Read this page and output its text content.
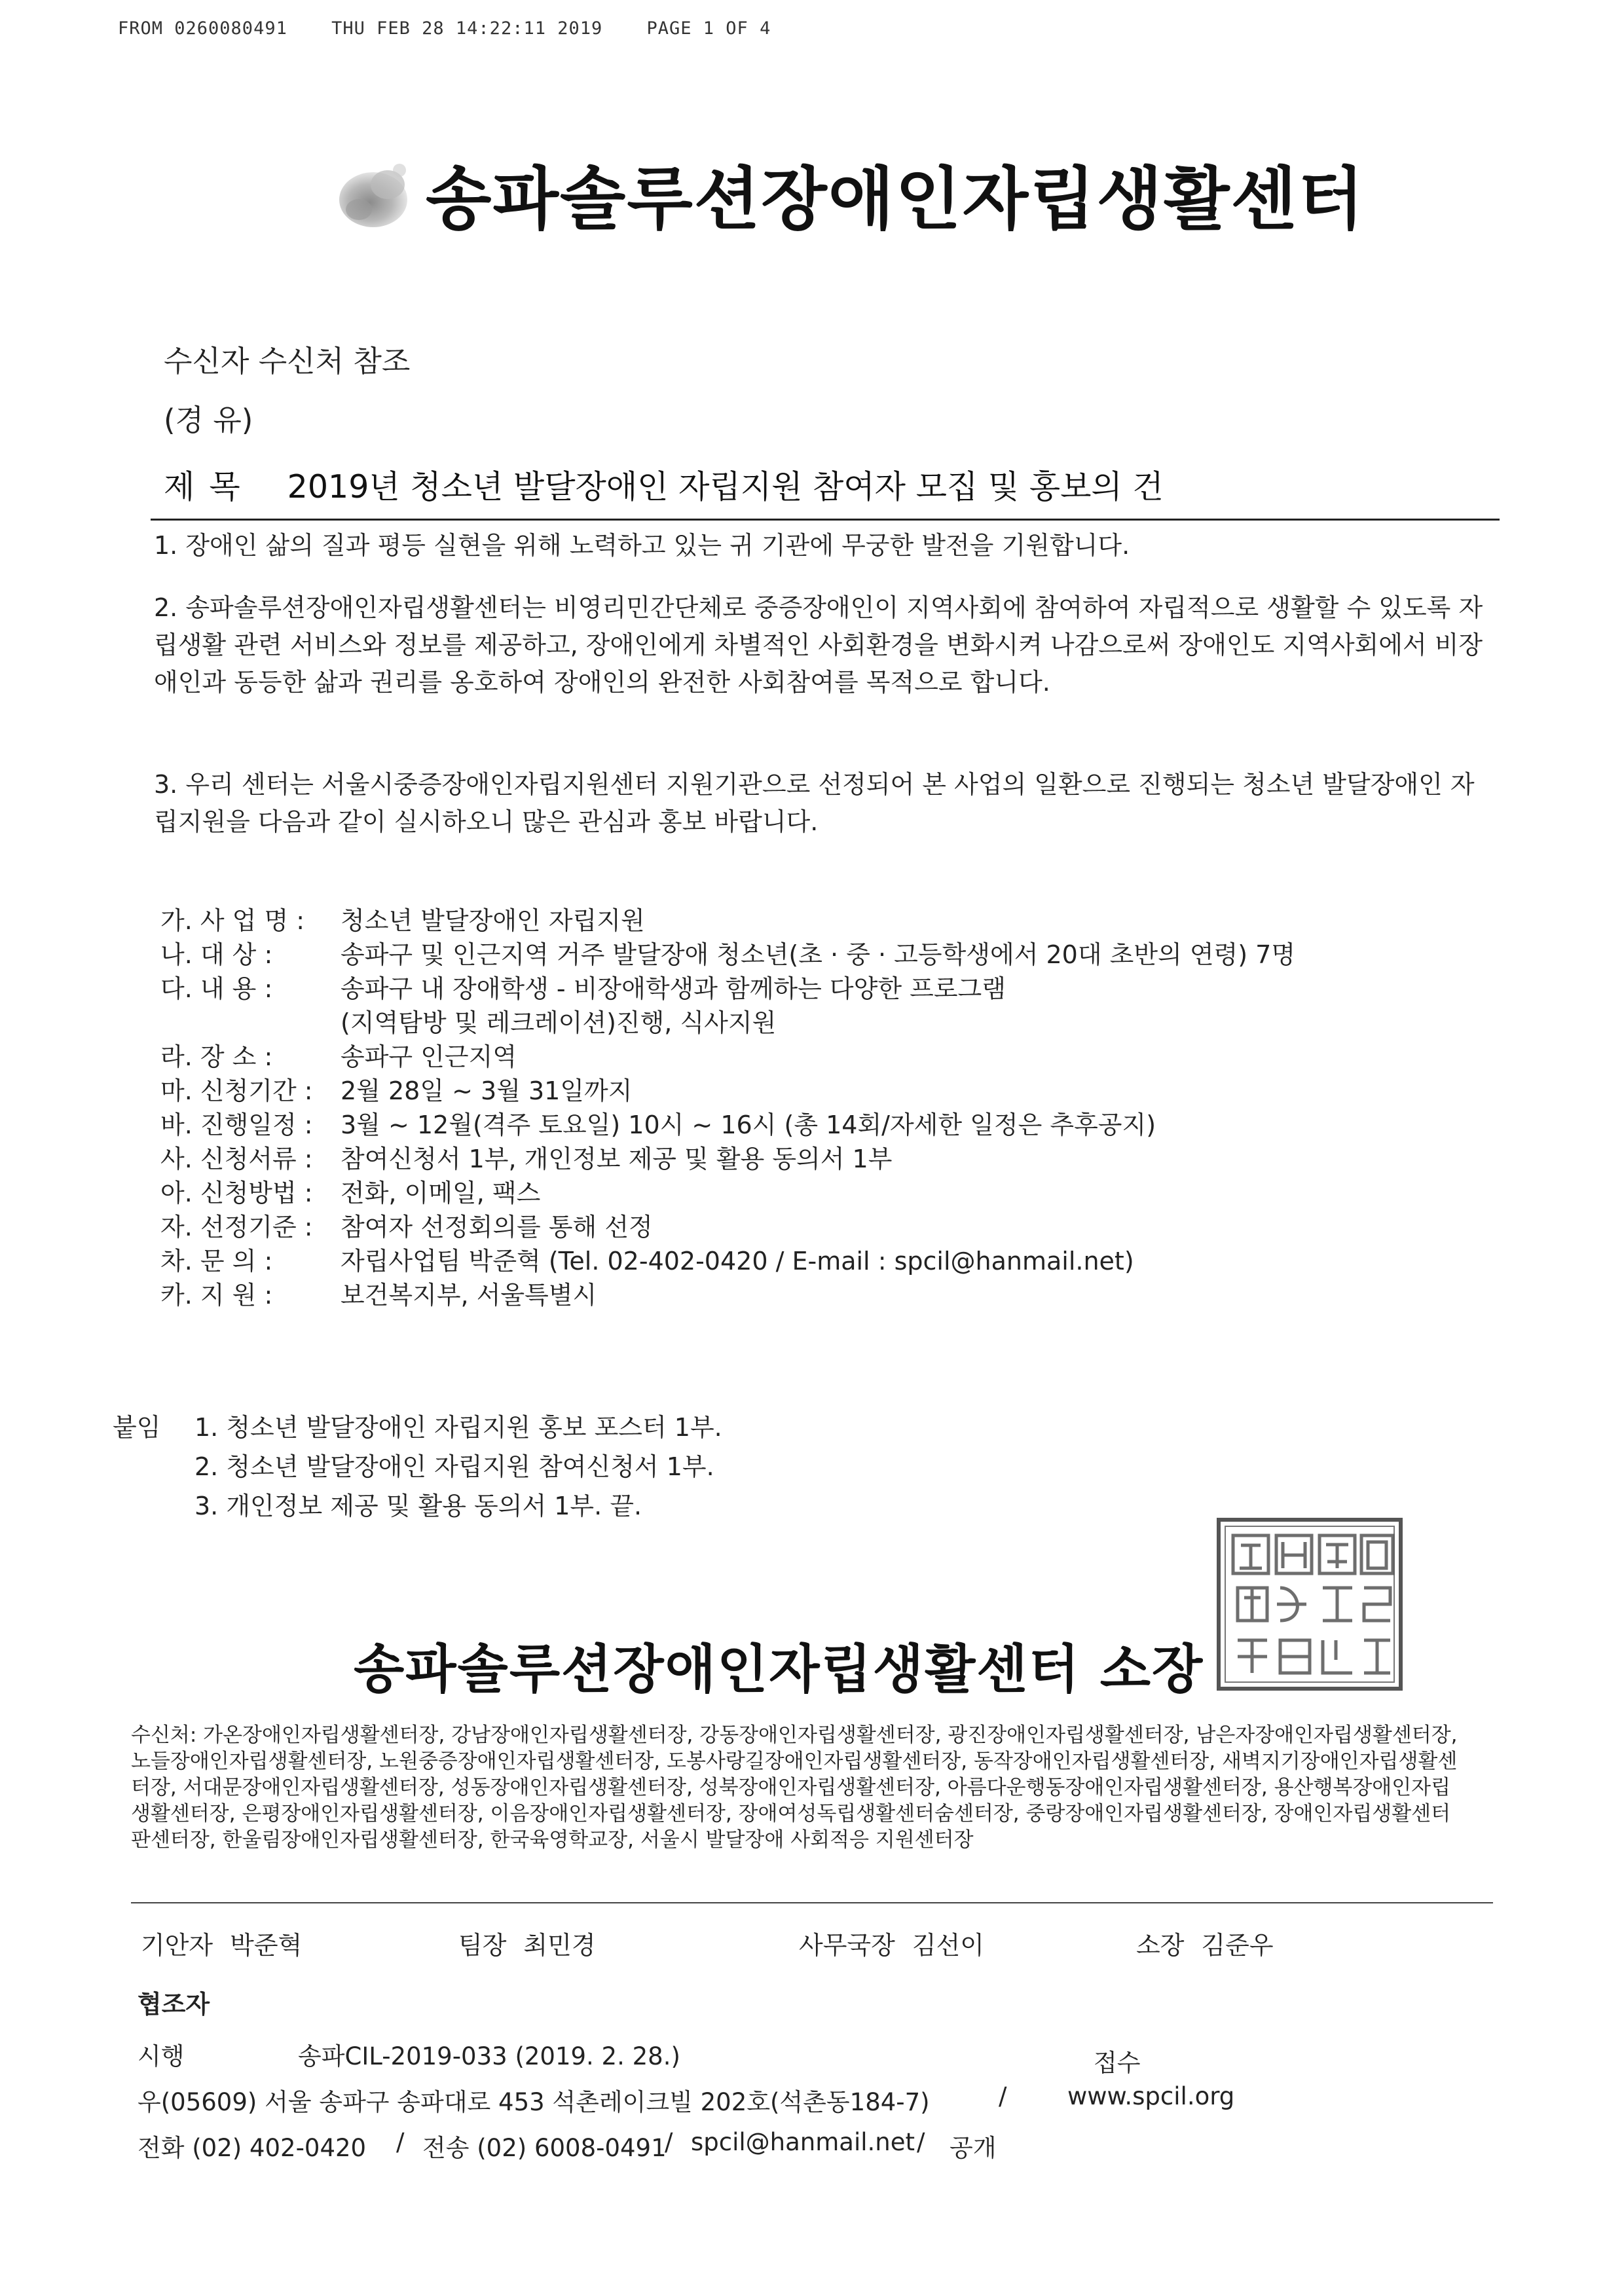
FROM 0260080491 THU FEB 28 14:22:11 2019 PAGE 1 OF 4
송파솔루션장애인자립생활센터
수신자 수신처 참조
(경 유)
제목 2019년 청소년 발달장애인 자립지원 참여자 모집 및 홍보의 건
1. 장애인 삶의 질과 평등 실현을 위해 노력하고 있는 귀 기관에 무궁한 발전을 기원합니다.
2. 송파솔루션장애인자립생활센터는 비영리민간단체로 중증장애인이 지역사회에 참여하여 자립적으로 생활할 수 있도록 자립생활 관련 서비스와 정보를 제공하고, 장애인에게 차별적인 사회환경을 변화시켜 나감으로써 장애인도 지역사회에서 비장애인과 동등한 삶과 권리를 옹호하여 장애인의 완전한 사회참여를 목적으로 합니다.
3. 우리 센터는 서울시중증장애인자립지원센터 지원기관으로 선정되어 본 사업의 일환으로 진행되는 청소년 발달장애인 자립지원을 다음과 같이 실시하오니 많은 관심과 홍보 바랍니다.
가. 사 업 명 :	청소년 발달장애인 자립지원
나. 대 상 :	송파구 및 인근지역 거주 발달장애 청소년(초 · 중 · 고등학생에서 20대 초반의 연령) 7명
다. 내 용 :	송파구 내 장애학생 - 비장애학생과 함께하는 다양한 프로그램
(지역탐방 및 레크레이션)진행, 식사지원
라. 장 소 :	송파구 인근지역
마. 신청기간 :	2월 28일 ~ 3월 31일까지
바. 진행일정 :	3월 ~ 12월(격주 토요일) 10시 ~ 16시 (총 14회/자세한 일정은 추후공지)
사. 신청서류 :	참여신청서 1부, 개인정보 제공 및 활용 동의서 1부
아. 신청방법 :	전화, 이메일, 팩스
자. 선정기준 :	참여자 선정회의를 통해 선정
차. 문 의 :	자립사업팀 박준혁 (Tel. 02-402-0420 / E-mail : spcil@hanmail.net)
카. 지 원 :	보건복지부, 서울특별시
붙임 1. 청소년 발달장애인 자립지원 홍보 포스터 1부.
2. 청소년 발달장애인 자립지원 참여신청서 1부.
3. 개인정보 제공 및 활용 동의서 1부. 끝.
송파솔루션장애인자립생활센터 소장
수신처: 가온장애인자립생활센터장, 강남장애인자립생활센터장, 강동장애인자립생활센터장, 광진장애인자립생활센터장, 남은자장애인자립생활센터장, 노들장애인자립생활센터장, 노원중증장애인자립생활센터장, 도봉사랑길장애인자립생활센터장, 동작장애인자립생활센터장, 새벽지기장애인자립생활센터장, 서대문장애인자립생활센터장, 성동장애인자립생활센터장, 성북장애인자립생활센터장, 아름다운행동장애인자립생활센터장, 용산행복장애인자립생활센터장, 은평장애인자립생활센터장, 이음장애인자립생활센터장, 장애여성독립생활센터숨센터장, 중랑장애인자립생활센터장, 장애인자립생활센터판센터장, 한울림장애인자립생활센터장, 한국육영학교장, 서울시 발달장애 사회적응 지원센터장
기안자 박준혁	팀장 최민경	사무국장 김선이	소장 김준우
협조자
시행	송파CIL-2019-033 (2019. 2. 28.)	접수
우(05609) 서울 송파구 송파대로 453 석촌레이크빌 202호(석촌동184-7)	/	www.spcil.org
전화 (02) 402-0420 / 전송 (02) 6008-0491
/ spcil@hanmail.net / 공개
